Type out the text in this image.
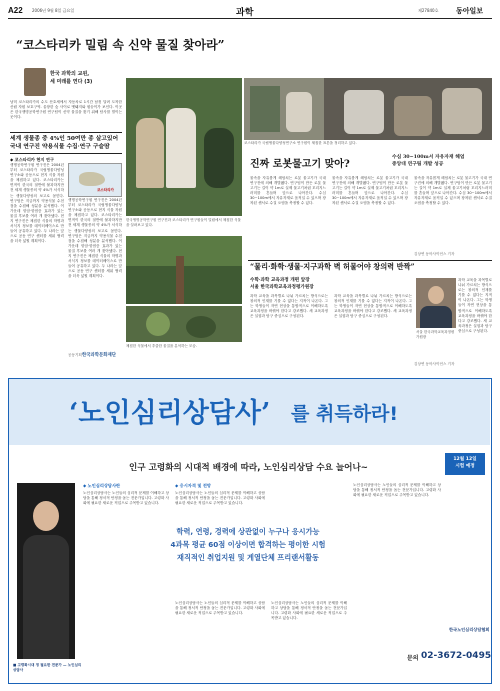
A22 2006년 9월 8일 금요일	과학	제27840호	동아일보
“코스타리카 밀림 속 신약 물질 찾아라”
한국 과학의 교윈,
세 미래를 연다 (3)
남미 코스타리카의 수도 산호세에서 자동차로 1시간 남짓 달려 도착한 산림 자원 보호구역. 울창한 숲 사이로 멧돼지와 원숭이가 보인다. 이곳은 한국생명공학연구원 연구팀이 신약 물질을 찾기 위해 탐사를 벌이는 곳이다.
세계 생물종 중 4%인 50여만 종 살고있어
국내 연구진 약용식물 수집·연구 구슬땀
◆ 코스타리카 현지 연구
생명공학연구원 연구진은 2004년부터 코스타리카 국립생물다양성연구소와 공동으로 현지 식물 자원을 채집하고 있다. 코스타리카는 면적이 한국의 절반에 불과하지만 전 세계 생물종의 약 4%가 서식하는 생물다양성의 보고로 꼽힌다. 연구팀은 지금까지 약용식물 수천 점을 수집해 성분을 분석했다. 이 가운데 항암·항염증 효과가 있는 물질 후보를 여러 개 찾아냈다. 현지 연구진은 채집한 식물의 학명과 서식지 정보를 데이터베이스로 만들어 공유하고 있다. 두 나라는 앞으로 공동 연구 센터를 세워 협력을 더욱 넓힐 계획이다.
생명공학연구원 연구진은 2004년부터 코스타리카 국립생물다양성연구소와 공동으로 현지 식물 자원을 채집하고 있다. 코스타리카는 면적이 한국의 절반에 불과하지만 전 세계 생물종의 약 4%가 서식하는 생물다양성의 보고로 꼽힌다. 연구팀은 지금까지 약용식물 수천 점을 수집해 성분을 분석했다. 이 가운데 항암·항염증 효과가 있는 물질 후보를 여러 개 찾아냈다. 현지 연구진은 채집한 식물의 학명과 서식지 정보를 데이터베이스로 만들어 공유하고 있다. 두 나라는 앞으로 공동 연구 센터를 세워 협력을 더욱 넓힐 계획이다.
코스타리카
공동기획 한국과학문화재단
한국생명공학연구원 연구진과 코스타리카 연구원들이 밀림에서 채집한 식물을 살펴보고 있다.
코스타리카 국립생물다양성연구소 연구원이 채집한 표본을 정리하고 있다.
채집한 식물에서 추출한 물질을 분석하는 모습.
진짜 로봇물고기 맞아?
수심 30~100m서 자유자재 헤엄
중앙대 연구팀 개발 성공
물속을 자유롭게 헤엄치는 로봇 물고기가 국내 연구진에 의해 개발됐다. 연구팀이 만든 로봇 물고기는 길이 약 1m로 실제 물고기처럼 꼬리지느러미를 흔들며 앞으로 나아간다. 수심 30~100m에서 자유자재로 움직일 수 있으며 장착된 센서로 수질 오염을 측정할 수 있다.
물속을 자유롭게 헤엄치는 로봇 물고기가 국내 연구진에 의해 개발됐다. 연구팀이 만든 로봇 물고기는 길이 약 1m로 실제 물고기처럼 꼬리지느러미를 흔들며 앞으로 나아간다. 수심 30~100m에서 자유자재로 움직일 수 있으며 장착된 센서로 수질 오염을 측정할 수 있다.
물속을 자유롭게 헤엄치는 로봇 물고기가 국내 연구진에 의해 개발됐다. 연구팀이 만든 로봇 물고기는 길이 약 1m로 실제 물고기처럼 꼬리지느러미를 흔들며 앞으로 나아간다. 수심 30~100m에서 자유자재로 움직일 수 있으며 장착된 센서로 수질 오염을 측정할 수 있다.
김상연 동아사이언스 기자
“물리·화학·생물·지구과학 벽 허물어야 창의력 반짝”
수학·과학 교육과정 개편 앞장
서울 한국과학교육과정평가원장
과학 교육을 과목별로 나눠 가르치는 방식으로는 창의적 인재를 기를 수 없다는 지적이 나온다. 그는 학생들이 자연 현상을 통합적으로 이해하도록 교육과정을 바꿔야 한다고 강조했다. 새 교육과정은 실험과 탐구 중심으로 구성된다.
과학 교육을 과목별로 나눠 가르치는 방식으로는 창의적 인재를 기를 수 없다는 지적이 나온다. 그는 학생들이 자연 현상을 통합적으로 이해하도록 교육과정을 바꿔야 한다고 강조했다. 새 교육과정은 실험과 탐구 중심으로 구성된다.
서울 한국과학교육과정평가원장
과학 교육을 과목별로 나눠 가르치는 방식으로는 창의적 인재를 기를 수 없다는 지적이 나온다. 그는 학생들이 자연 현상을 통합적으로 이해하도록 교육과정을 바꿔야 한다고 강조했다. 새 교육과정은 실험과 탐구 중심으로 구성된다.
김상연 동아사이언스 기자
‘노인심리상담사’ 를 취득하라!
인구 고령화의 시대적 배경에 따라, 노인심리상담 수요 늘어나~
12월 12일
시험 예정
■ 고령화시대 정 필요한 전문가 — 노인심리상담사
◆ 노인심리상담사란
노인심리상담사는 노인들의 심리적 문제를 이해하고 상담을 통해 정서적 안정을 돕는 전문가입니다. 고령화 사회에 필요한 새로운 직업으로 주목받고 있습니다.
◆ 응시자격 및 전망
노인심리상담사는 노인들의 심리적 문제를 이해하고 상담을 통해 정서적 안정을 돕는 전문가입니다. 고령화 사회에 필요한 새로운 직업으로 주목받고 있습니다.
학력, 연령, 경력에 상관없이 누구나 응시가능
4과목 평균 60점 이상이면 합격하는 평이한 시험
재직적인 취업지원 및 게열단체 프리랜서활동
노인심리상담사는 노인들의 심리적 문제를 이해하고 상담을 통해 정서적 안정을 돕는 전문가입니다. 고령화 사회에 필요한 새로운 직업으로 주목받고 있습니다.
노인심리상담사는 노인들의 심리적 문제를 이해하고 상담을 통해 정서적 안정을 돕는 전문가입니다. 고령화 사회에 필요한 새로운 직업으로 주목받고 있습니다.
노인심리상담사는 노인들의 심리적 문제를 이해하고 상담을 통해 정서적 안정을 돕는 전문가입니다. 고령화 사회에 필요한 새로운 직업으로 주목받고 있습니다.
한국노인심리상담협회
문의 02-3672-0495
